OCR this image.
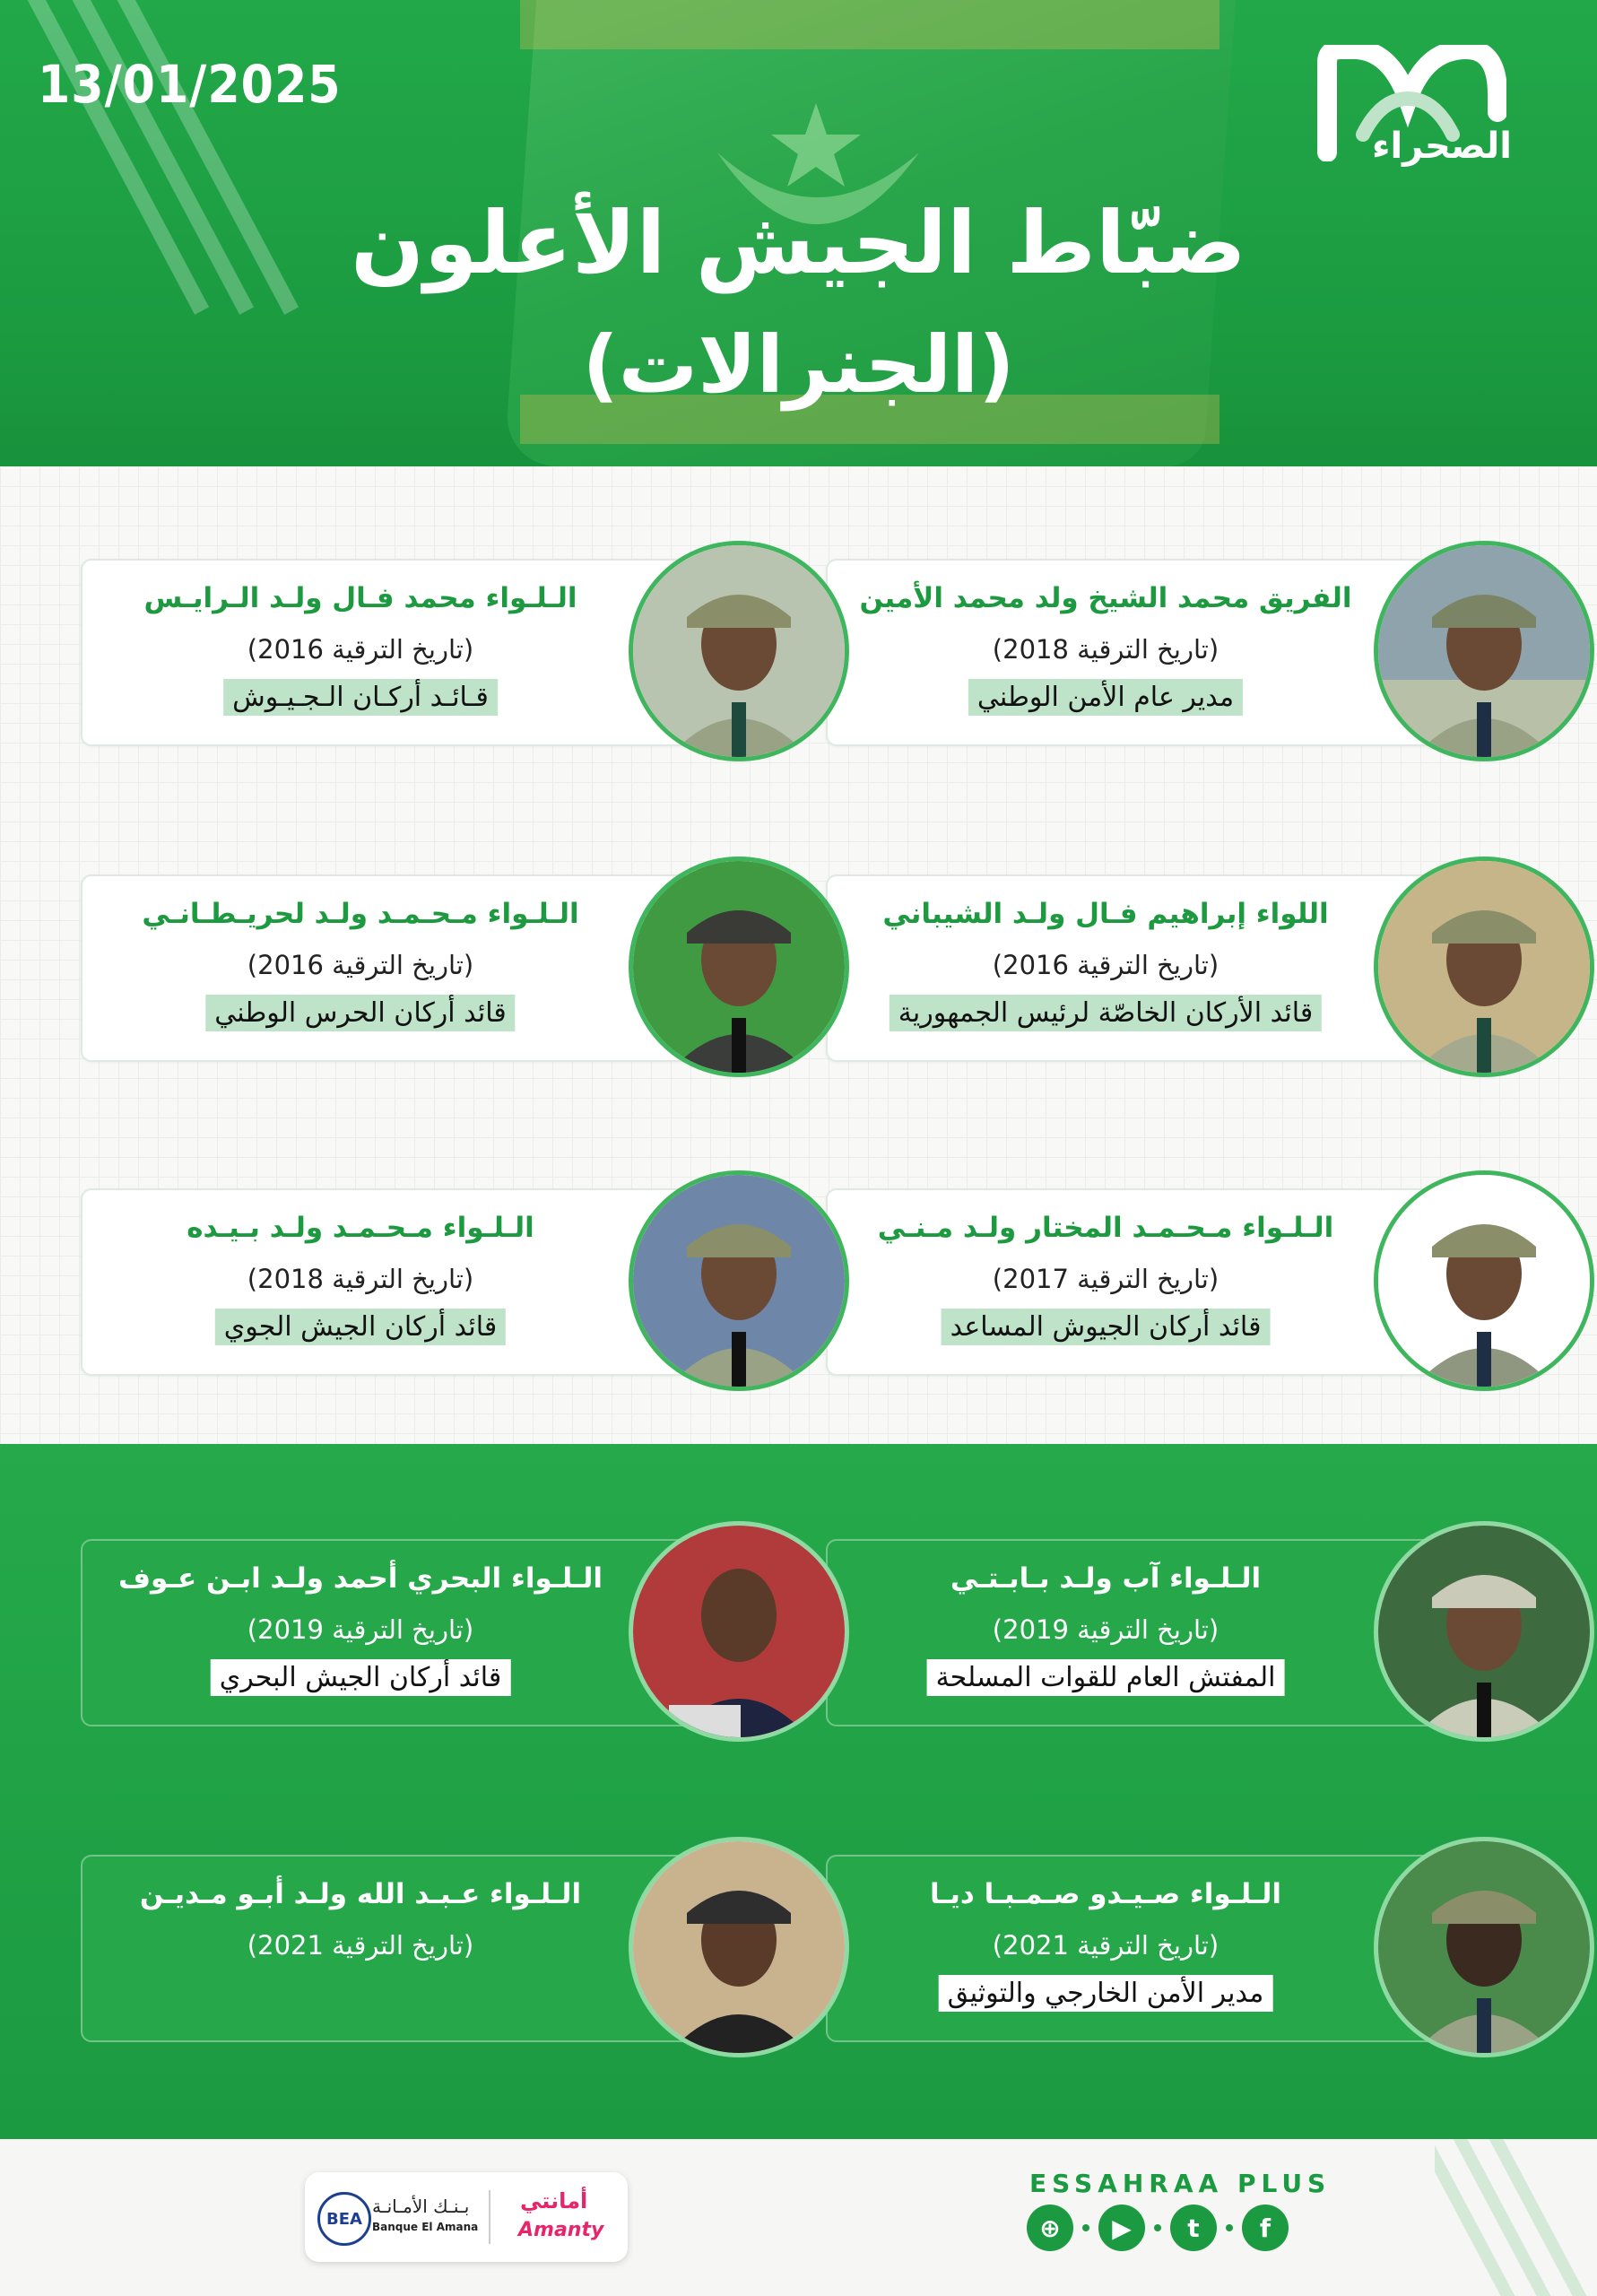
13/01/2025
الصحراء
ضبّاط الجيش الأعلون
(الجنرالات)
الفريق محمد الشيخ ولد محمد الأمين
(تاريخ الترقية 2018)
مدير عام الأمن الوطني
الـلـواء محمد فـال ولـد الـرايـس
(تاريخ الترقية 2016)
قـائـد أركـان الـجـيـوش
اللواء إبراهيم فـال ولـد الشيباني
(تاريخ الترقية 2016)
قائد الأركان الخاصّة لرئيس الجمهورية
الـلـواء مـحـمـد ولـد لحريـطـانـي
(تاريخ الترقية 2016)
قائد أركان الحرس الوطني
الـلـواء مـحـمـد المختار ولـد مـنـي
(تاريخ الترقية 2017)
قائد أركان الجيوش المساعد
الـلـواء مـحـمـد ولـد بـيـده
(تاريخ الترقية 2018)
قائد أركان الجيش الجوي
الـلـواء آب ولـد بـابـتـي
(تاريخ الترقية 2019)
المفتش العام للقوات المسلحة
الـلـواء البحري أحمد ولـد ابـن عـوف
(تاريخ الترقية 2019)
قائد أركان الجيش البحري
الـلـواء صـيـدو صـمـبـا ديـا
(تاريخ الترقية 2021)
مدير الأمن الخارجي والتوثيق
الـلـواء عـبـد الله ولـد أبـو مـديـن
(تاريخ الترقية 2021)
BEA
بـنـك الأمـانـة
Banque El Amana
أمانتي
Amanty
ESSAHRAA PLUS
⊕	▶	t	f
